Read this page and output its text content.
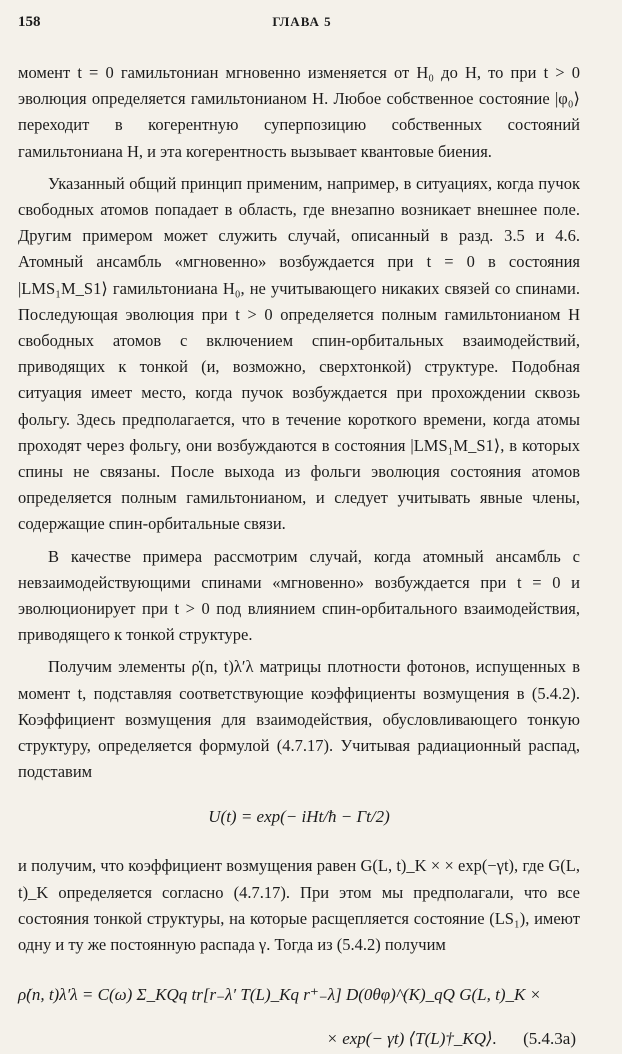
158	ГЛАВА 5

момент t = 0 гамильтониан мгновенно изменяется от H₀ до H, то при t > 0 эволюция определяется гамильтонианом H. Любое собственное состояние |φ₀⟩ переходит в когерентную суперпозицию собственных состояний гамильтониана H, и эта когерентность вызывает квантовые биения.

Указанный общий принцип применим, например, в ситуациях, когда пучок свободных атомов попадает в область, где внезапно возникает внешнее поле. Другим примером может служить случай, описанный в разд. 3.5 и 4.6. Атомный ансамбль «мгновенно» возбуждается при t = 0 в состояния |LMS₁M_S1⟩ гамильтониана H₀, не учитывающего никаких связей со спинами. Последующая эволюция при t > 0 определяется полным гамильтонианом H свободных атомов с включением спин-орбитальных взаимодействий, приводящих к тонкой (и, возможно, сверхтонкой) структуре. Подобная ситуация имеет место, когда пучок возбуждается при прохождении сквозь фольгу. Здесь предполагается, что в течение короткого времени, когда атомы проходят через фольгу, они возбуждаются в состояния |LMS₁M_S1⟩, в которых спины не связаны. После выхода из фольги эволюция состояния атомов определяется полным гамильтонианом, и следует учитывать явные члены, содержащие спин-орбитальные связи.

В качестве примера рассмотрим случай, когда атомный ансамбль с невзаимодействующими спинами «мгновенно» возбуждается при t = 0 и эволюционирует при t > 0 под влиянием спин-орбитального взаимодействия, приводящего к тонкой структуре.

Получим элементы ρ̇(n, t)λ′λ матрицы плотности фотонов, испущенных в момент t, подставляя соответствующие коэффициенты возмущения в (5.4.2). Коэффициент возмущения для взаимодействия, обусловливающего тонкую структуру, определяется формулой (4.7.17). Учитывая радиационный распад, подставим

U(t) = exp(− iHt/ħ − Γt/2)

и получим, что коэффициент возмущения равен G(L, t)_K × × exp(−γt), где G(L, t)_K определяется согласно (4.7.17). При этом мы предполагали, что все состояния тонкой структуры, на которые расщепляется состояние (LS₁), имеют одну и ту же постоянную распада γ. Тогда из (5.4.2) получим

ρ̇(n, t)λ′λ = C(ω) Σ_KQq tr[r₋λ′ T(L)_Kq r⁺₋λ] D(0θφ)^(K)_qQ G(L, t)_K ×
× exp(− γt) ⟨T(L)†_KQ⟩. (5.4.3а)
